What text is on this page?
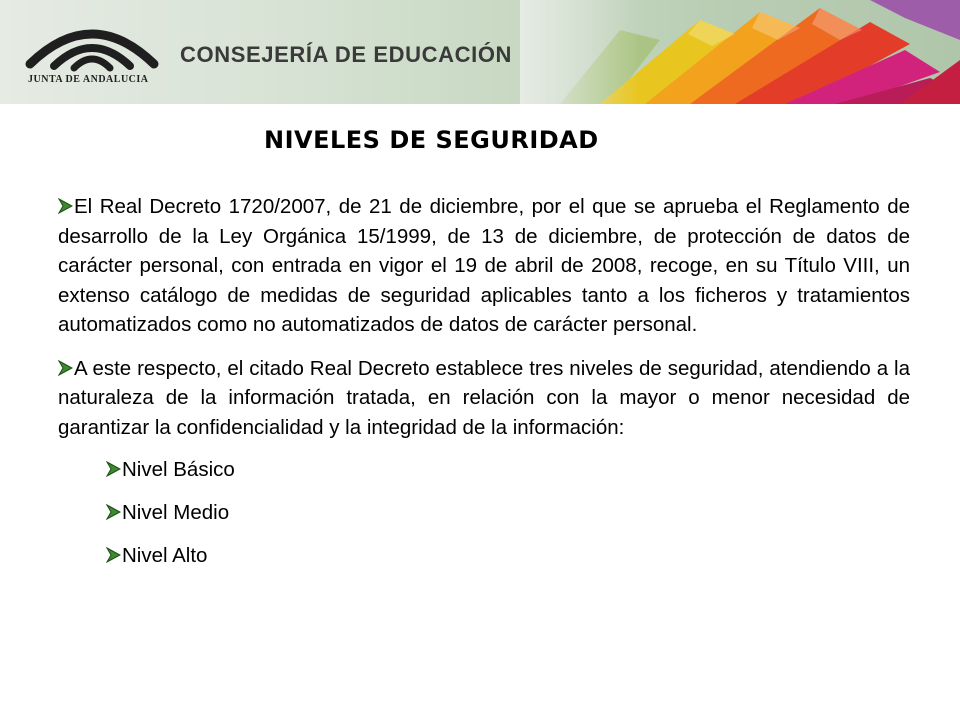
JUNTA DE ANDALUCIA
CONSEJERÍA DE EDUCACIÓN
NIVELES DE SEGURIDAD

El Real Decreto 1720/2007, de 21 de diciembre, por el que se aprueba el Reglamento de desarrollo de la Ley Orgánica 15/1999, de 13 de diciembre, de protección de datos de carácter personal, con entrada en vigor el 19 de abril de 2008, recoge, en su Título VIII, un extenso catálogo de medidas de seguridad aplicables tanto a los ficheros y tratamientos automatizados como no automatizados de datos de carácter personal.

A este respecto, el citado Real Decreto establece tres niveles de seguridad, atendiendo a la naturaleza de la información tratada, en relación con la mayor o menor necesidad de garantizar la confidencialidad y la integridad de la información:

Nivel Básico
Nivel Medio
Nivel Alto
